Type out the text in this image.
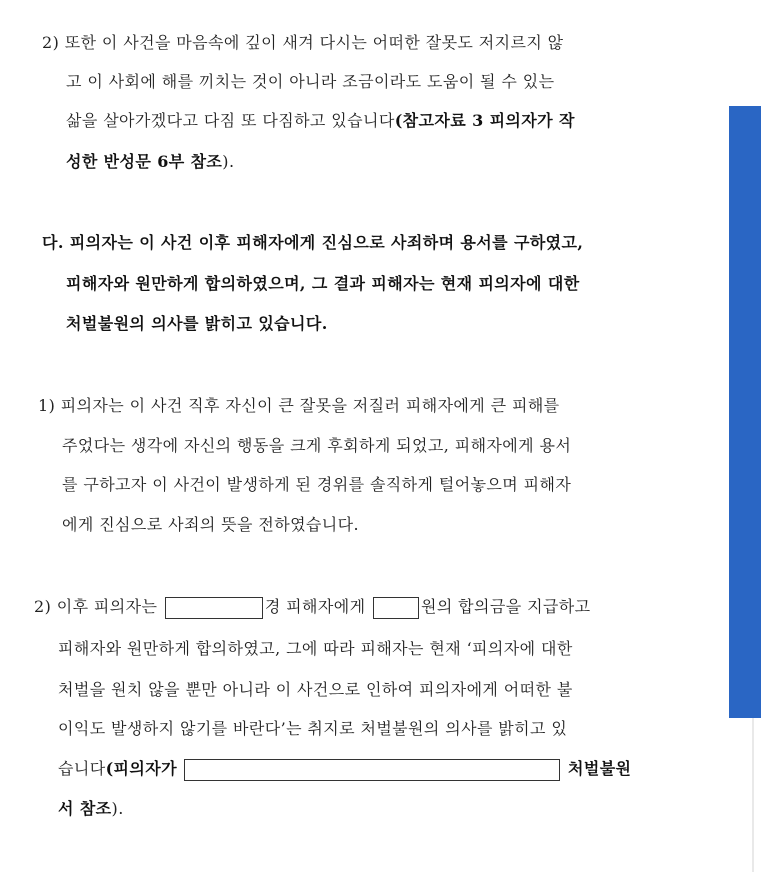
2) 또한 이 사건을 마음속에 깊이 새겨 다시는 어떠한 잘못도 저지르지 않
고 이 사회에 해를 끼치는 것이 아니라 조금이라도 도움이 될 수 있는
삶을 살아가겠다고 다짐 또 다짐하고 있습니다(참고자료 3 피의자가 작
성한 반성문 6부 참조).
다. 피의자는 이 사건 이후 피해자에게 진심으로 사죄하며 용서를 구하였고,
피해자와 원만하게 합의하였으며, 그 결과 피해자는 현재 피의자에 대한
처벌불원의 의사를 밝히고 있습니다.
1) 피의자는 이 사건 직후 자신이 큰 잘못을 저질러 피해자에게 큰 피해를
주었다는 생각에 자신의 행동을 크게 후회하게 되었고, 피해자에게 용서
를 구하고자 이 사건이 발생하게 된 경위를 솔직하게 털어놓으며 피해자
에게 진심으로 사죄의 뜻을 전하였습니다.
2) 이후 피의자는	경 피해자에게	원의 합의금을 지급하고
피해자와 원만하게 합의하였고, 그에 따라 피해자는 현재 ‘피의자에 대한
처벌을 원치 않을 뿐만 아니라 이 사건으로 인하여 피의자에게 어떠한 불
이익도 발생하지 않기를 바란다’는 취지로 처벌불원의 의사를 밝히고 있
습니다(피의자가	처벌불원
서 참조).
